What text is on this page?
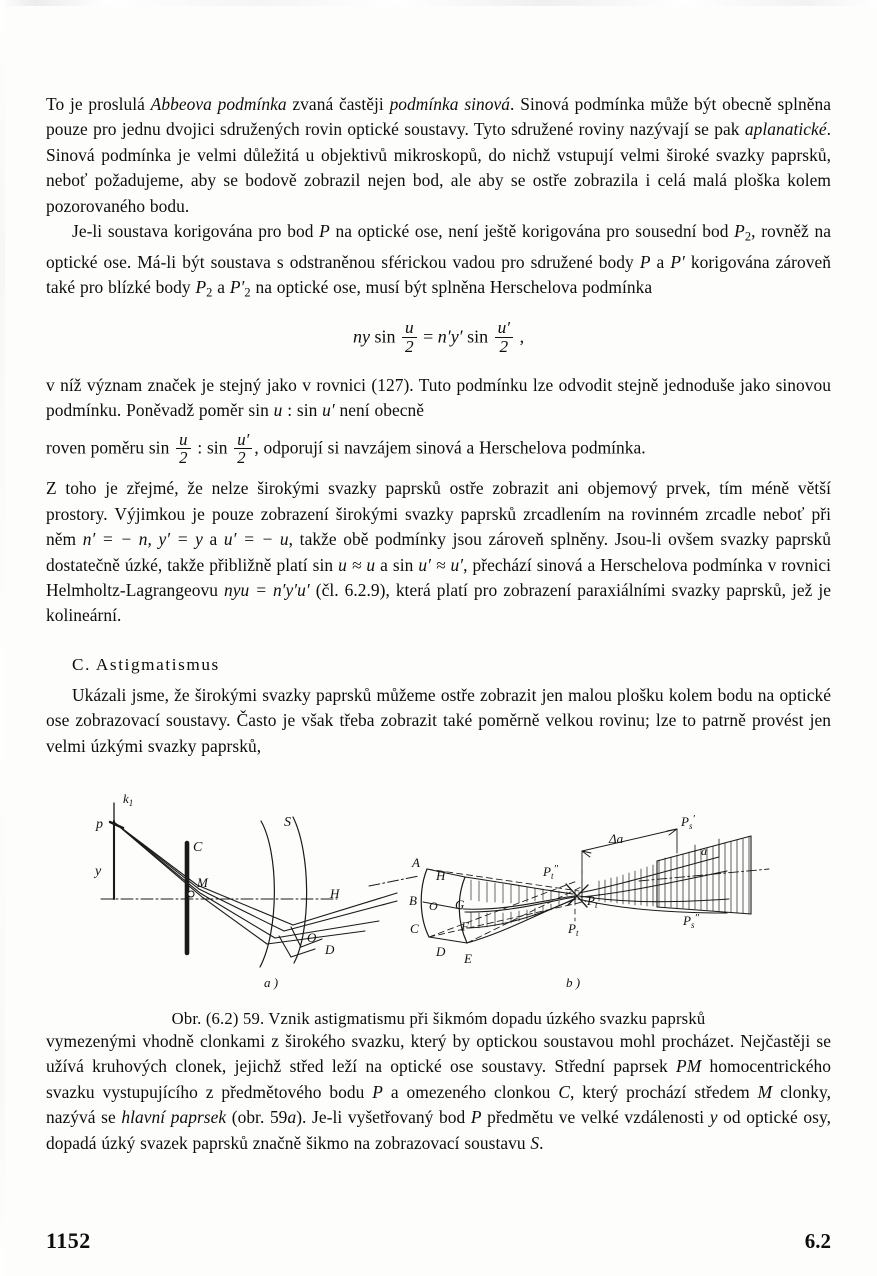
To je proslulá Abbeova podmínka zvaná častěji podmínka sinová. Sinová podmínka může být obecně splněna pouze pro jednu dvojici sdružených rovin optické soustavy. Tyto sdružené roviny nazývají se pak aplanatické. Sinová podmínka je velmi důležitá u objektivů mikroskopů, do nichž vstupují velmi široké svazky paprsků, neboť požadujeme, aby se bodově zobrazil nejen bod, ale aby se ostře zobrazila i celá malá ploška kolem pozorovaného bodu.

Je-li soustava korigována pro bod P na optické ose, není ještě korigována pro sousední bod $P_2$, rovněž na optické ose. Má-li být soustava s odstraněnou sférickou vadou pro sdružené body P a P′ korigována zároveň také pro blízké body $P_2$ a $P'_2$ na optické ose, musí být splněna Herschelova podmínka

ny $\sin \frac{u}{2} = n'y'$ $\sin \frac{u'}{2}$ ,

v níž význam značek je stejný jako v rovnici (127). Tuto podmínku lze odvodit stejně jednoduše jako sinovou podmínku. Poněvadž poměr sin u : sin u′ není obecně

roven poměru $\sin \frac{u}{2}$ : $\sin \frac{u'}{2}$ , odporují si navzájem sinová a Herschelova podmínka.

Z toho je zřejmé, že nelze širokými svazky paprsků ostře zobrazit ani objemový prvek, tím méně větší prostory. Výjimkou je pouze zobrazení širokými svazky paprsků zrcadlením na rovinném zrcadle neboť při něm n′ = − n, y′ = y a u′ = − u, takže obě podmínky jsou zároveň splněny. Jsou-li ovšem svazky paprsků dostatečně úzké, takže přibližně platí sin u ≈ u a sin u′ ≈ u′, přechází sinová a Herschelova podmínka v rovnici Helmholtz-Lagrangeovu nyu = n′y′u′ (čl. 6.2.9), která platí pro zobrazení paraxiálními svazky paprsků, jež je kolineární.

C. Astigmatismus

Ukázali jsme, že širokými svazky paprsků můžeme ostře zobrazit jen malou plošku kolem bodu na optické ose zobrazovací soustavy. Často je však třeba zobrazit také poměrně velkou rovinu; lze to patrně provést jen velmi úzkými svazky paprsků,

$k_1$
p
y
C
M
S
H
O
D
a )
A
B
C
D E
F
G
H
O
$P_t''$
$P_t'$
$P_t$
$P_s'$
$P_s''$
Δa
a
b )

Obr. (6.2) 59. Vznik astigmatismu při šikmóm dopadu úzkého svazku paprsků

vymezenými vhodně clonkami z širokého svazku, který by optickou soustavou mohl procházet. Nejčastěji se užívá kruhových clonek, jejichž střed leží na optické ose soustavy. Střední paprsek PM homocentrického svazku vystupujícího z předmětového bodu P a omezeného clonkou C, který prochází středem M clonky, nazývá se hlavní paprsek (obr. 59a). Je-li vyšetřovaný bod P předmětu ve velké vzdálenosti y od optické osy, dopadá úzký svazek paprsků značně šikmo na zobrazovací soustavu S.

1152	6.2
